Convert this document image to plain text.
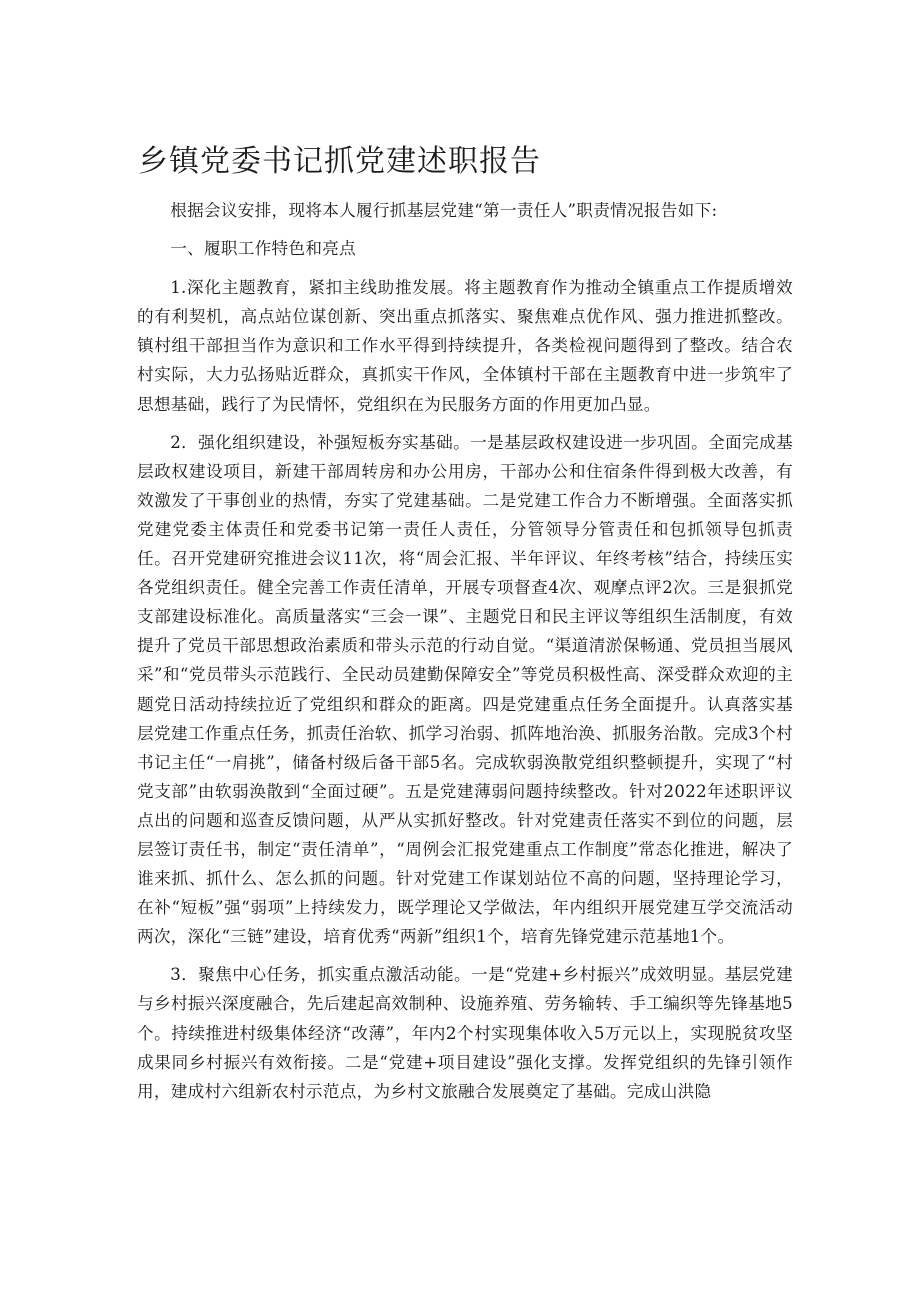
乡镇党委书记抓党建述职报告

根据会议安排，现将本人履行抓基层党建“第一责任人”职责情况报告如下:

一、履职工作特色和亮点

1.深化主题教育，紧扣主线助推发展。将主题教育作为推动全镇重点工作提质增效的有利契机，高点站位谋创新、突出重点抓落实、聚焦难点优作风、强力推进抓整改。镇村组干部担当作为意识和工作水平得到持续提升，各类检视问题得到了整改。结合农村实际，大力弘扬贴近群众，真抓实干作风，全体镇村干部在主题教育中进一步筑牢了思想基础，践行了为民情怀，党组织在为民服务方面的作用更加凸显。

2．强化组织建设，补强短板夯实基础。一是基层政权建设进一步巩固。全面完成基层政权建设项目，新建干部周转房和办公用房，干部办公和住宿条件得到极大改善，有效激发了干事创业的热情，夯实了党建基础。二是党建工作合力不断增强。全面落实抓党建党委主体责任和党委书记第一责任人责任，分管领导分管责任和包抓领导包抓责任。召开党建研究推进会议11次，将“周会汇报、半年评议、年终考核”结合，持续压实各党组织责任。健全完善工作责任清单，开展专项督查4次、观摩点评2次。三是狠抓党支部建设标准化。高质量落实“三会一课”、主题党日和民主评议等组织生活制度，有效提升了党员干部思想政治素质和带头示范的行动自觉。“渠道清淤保畅通、党员担当展风采”和“党员带头示范践行、全民动员建勤保障安全”等党员积极性高、深受群众欢迎的主题党日活动持续拉近了党组织和群众的距离。四是党建重点任务全面提升。认真落实基层党建工作重点任务，抓责任治软、抓学习治弱、抓阵地治涣、抓服务治散。完成3个村书记主任“一肩挑”，储备村级后备干部5名。完成软弱涣散党组织整顿提升，实现了“村党支部”由软弱涣散到“全面过硬”。五是党建薄弱问题持续整改。针对2022年述职评议点出的问题和巡查反馈问题，从严从实抓好整改。针对党建责任落实不到位的问题，层层签订责任书，制定“责任清单”，“周例会汇报党建重点工作制度”常态化推进，解决了谁来抓、抓什么、怎么抓的问题。针对党建工作谋划站位不高的问题，坚持理论学习，在补“短板”强“弱项”上持续发力，既学理论又学做法，年内组织开展党建互学交流活动两次，深化“三链”建设，培育优秀“两新”组织1个，培育先锋党建示范基地1个。

3．聚焦中心任务，抓实重点激活动能。一是“党建+乡村振兴”成效明显。基层党建与乡村振兴深度融合，先后建起高效制种、设施养殖、劳务输转、手工编织等先锋基地5个。持续推进村级集体经济“改薄”，年内2个村实现集体收入5万元以上，实现脱贫攻坚成果同乡村振兴有效衔接。二是“党建+项目建设”强化支撑。发挥党组织的先锋引领作用，建成村六组新农村示范点，为乡村文旅融合发展奠定了基础。完成山洪隐
